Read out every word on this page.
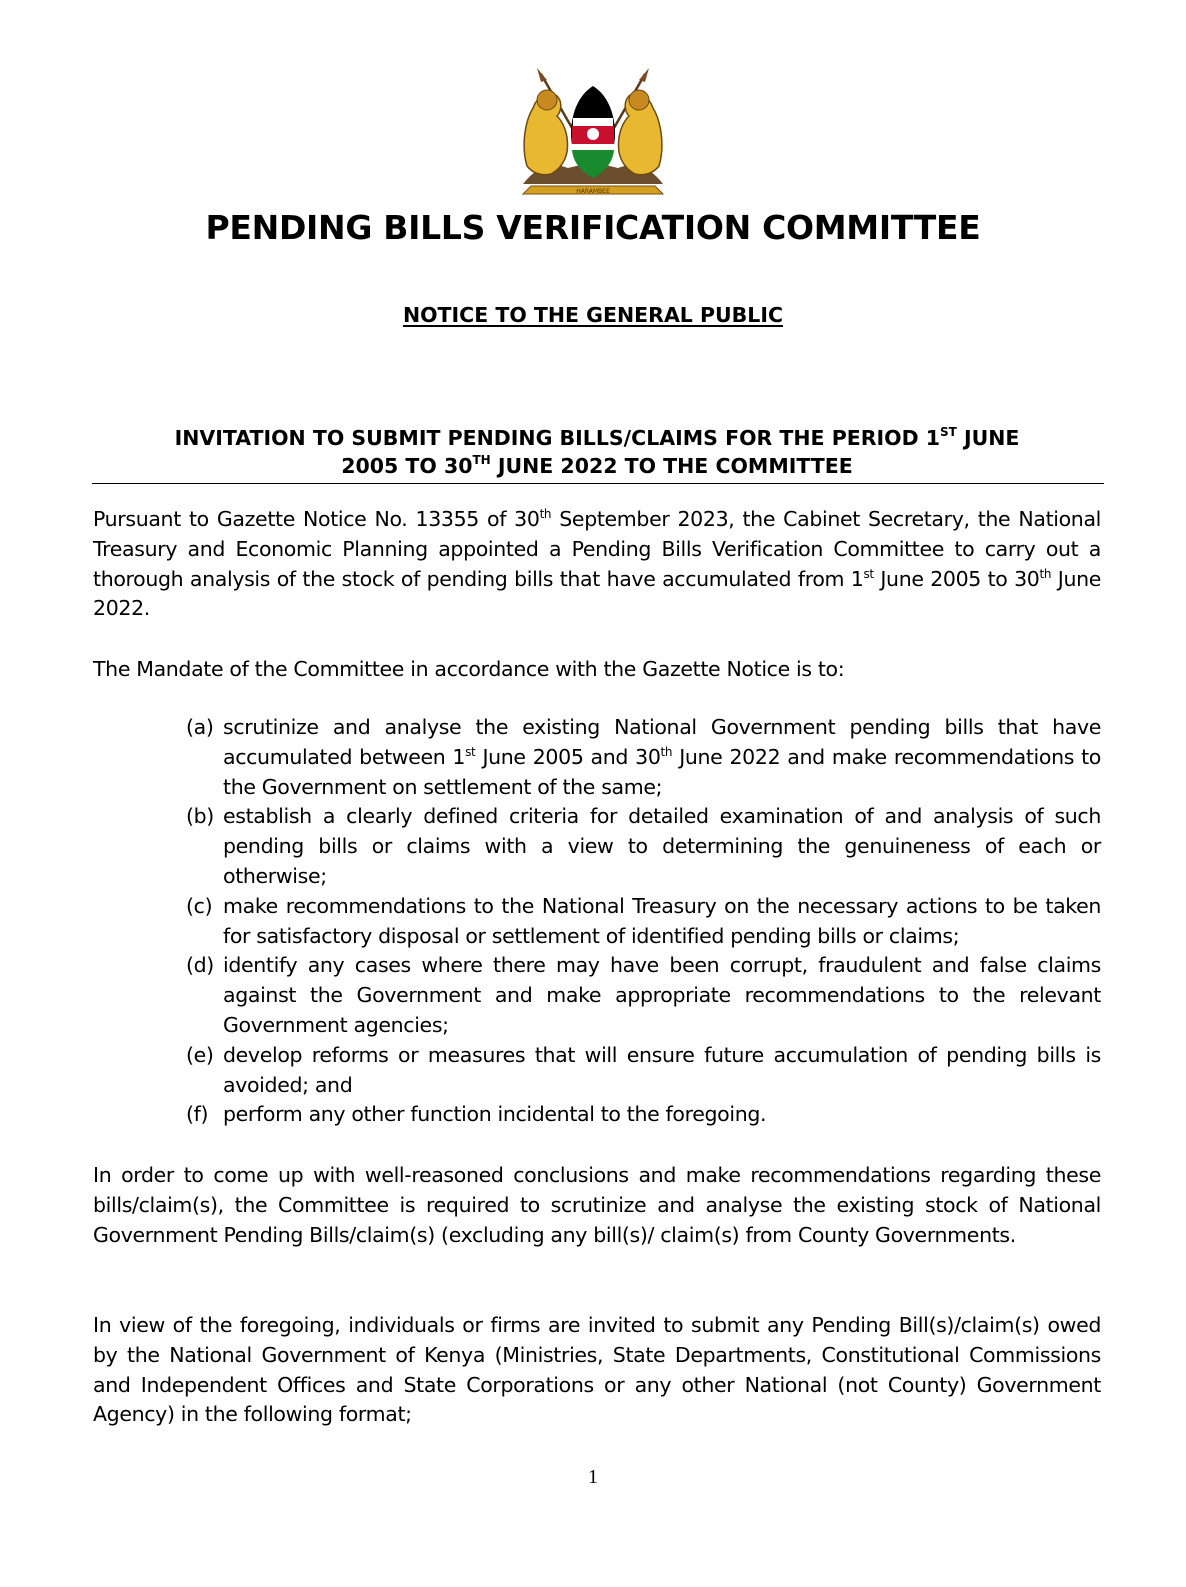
HARAMBEE
PENDING BILLS VERIFICATION COMMITTEE
NOTICE TO THE GENERAL PUBLIC
INVITATION TO SUBMIT PENDING BILLS/CLAIMS FOR THE PERIOD 1ST JUNE
2005 TO 30TH JUNE 2022 TO THE COMMITTEE
Pursuant to Gazette Notice No. 13355 of 30th September 2023, the Cabinet Secretary, the National Treasury and Economic Planning appointed a Pending Bills Verification Committee to carry out a thorough analysis of the stock of pending bills that have accumulated from 1st June 2005 to 30th June 2022.
The Mandate of the Committee in accordance with the Gazette Notice is to:
(a) scrutinize and analyse the existing National Government pending bills that have accumulated between 1st June 2005 and 30th June 2022 and make recommendations to the Government on settlement of the same;
(b) establish a clearly defined criteria for detailed examination of and analysis of such pending bills or claims with a view to determining the genuineness of each or otherwise;
(c) make recommendations to the National Treasury on the necessary actions to be taken for satisfactory disposal or settlement of identified pending bills or claims;
(d) identify any cases where there may have been corrupt, fraudulent and false claims against the Government and make appropriate recommendations to the relevant Government agencies;
(e) develop reforms or measures that will ensure future accumulation of pending bills is avoided; and
(f) perform any other function incidental to the foregoing.
In order to come up with well-reasoned conclusions and make recommendations regarding these bills/claim(s), the Committee is required to scrutinize and analyse the existing stock of National Government Pending Bills/claim(s) (excluding any bill(s)/ claim(s) from County Governments.
In view of the foregoing, individuals or firms are invited to submit any Pending Bill(s)/claim(s) owed by the National Government of Kenya (Ministries, State Departments, Constitutional Commissions and Independent Offices and State Corporations or any other National (not County) Government Agency) in the following format;
1
